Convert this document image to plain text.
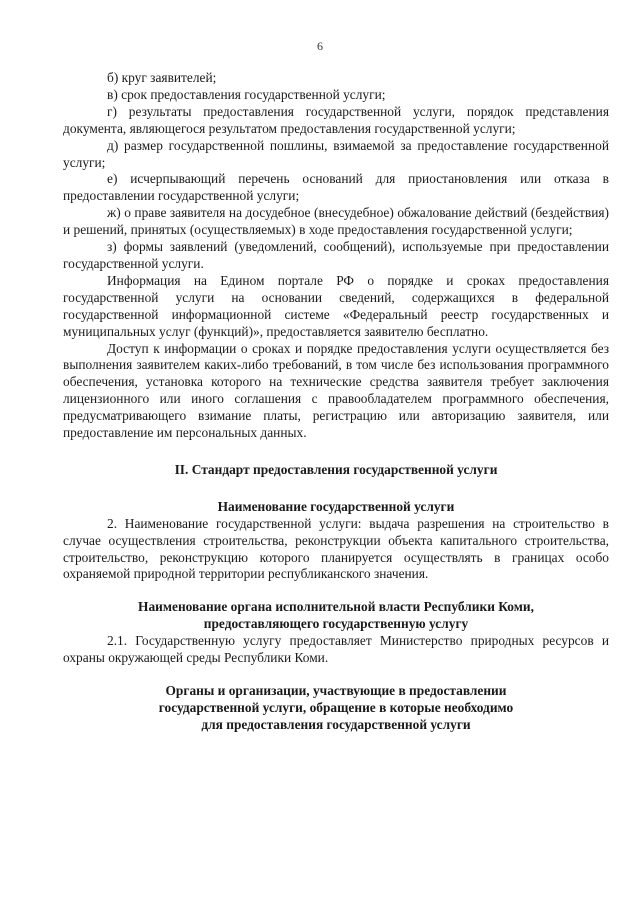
6

б) круг заявителей;

в) срок предоставления государственной услуги;

г) результаты предоставления государственной услуги, порядок представления документа, являющегося результатом предоставления государственной услуги;

д) размер государственной пошлины, взимаемой за предоставление государственной услуги;

е) исчерпывающий перечень оснований для приостановления или отказа в предоставлении государственной услуги;

ж) о праве заявителя на досудебное (внесудебное) обжалование действий (бездействия) и решений, принятых (осуществляемых) в ходе предоставления государственной услуги;

з) формы заявлений (уведомлений, сообщений), используемые при предоставлении государственной услуги.

Информация на Едином портале РФ о порядке и сроках предоставления государственной услуги на основании сведений, содержащихся в федеральной государственной информационной системе «Федеральный реестр государственных и муниципальных услуг (функций)», предоставляется заявителю бесплатно.

Доступ к информации о сроках и порядке предоставления услуги осуществляется без выполнения заявителем каких-либо требований, в том числе без использования программного обеспечения, установка которого на технические средства заявителя требует заключения лицензионного или иного соглашения с правообладателем программного обеспечения, предусматривающего взимание платы, регистрацию или авторизацию заявителя, или предоставление им персональных данных.

II. Стандарт предоставления государственной услуги

Наименование государственной услуги

2. Наименование государственной услуги: выдача разрешения на строительство в случае осуществления строительства, реконструкции объекта капитального строительства, строительство, реконструкцию которого планируется осуществлять в границах особо охраняемой природной территории республиканского значения.

Наименование органа исполнительной власти Республики Коми,

предоставляющего государственную услугу

2.1. Государственную услугу предоставляет Министерство природных ресурсов и охраны окружающей среды Республики Коми.

Органы и организации, участвующие в предоставлении

государственной услуги, обращение в которые необходимо

для предоставления государственной услуги
